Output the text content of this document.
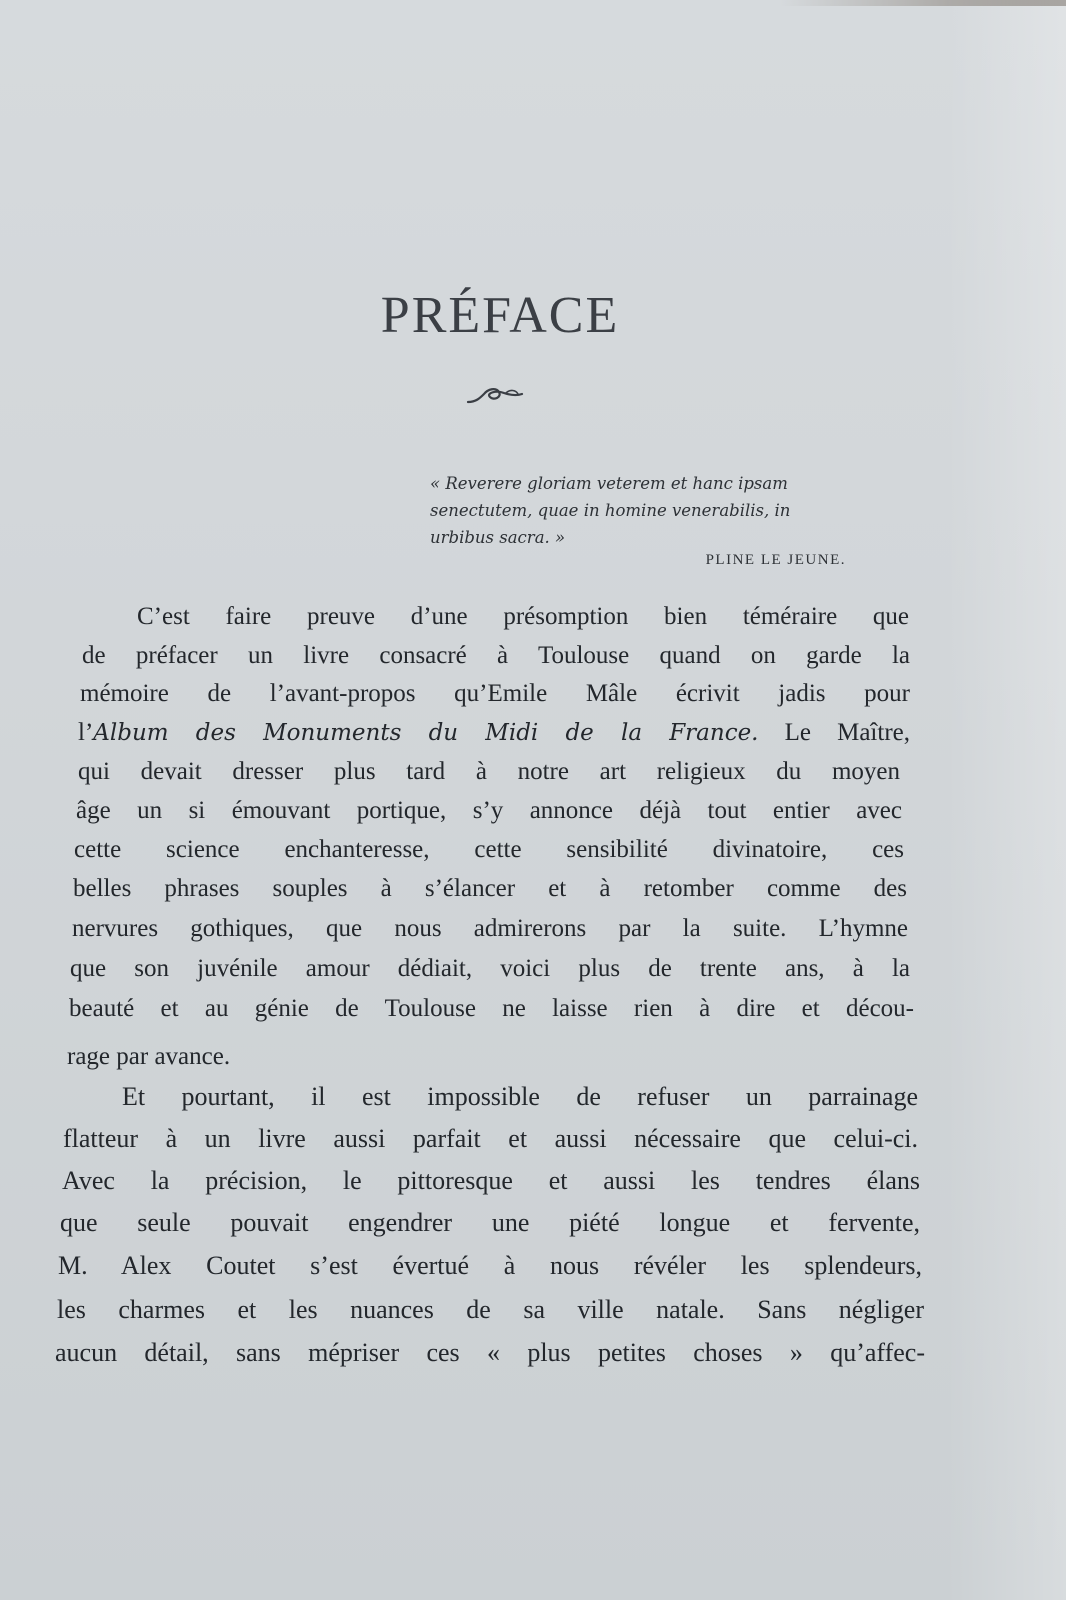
PRÉFACE
« Reverere gloriam veterem et hanc ipsam
senectutem, quae in homine venerabilis, in
urbibus sacra. »
PLINE LE JEUNE.
C’est faire preuve d’une présomption bien téméraire que
de préfacer un livre consacré à Toulouse quand on garde la
mémoire de l’avant-propos qu’Emile Mâle écrivit jadis pour
l’Album des Monuments du Midi de la France. Le Maître,
qui devait dresser plus tard à notre art religieux du moyen
âge un si émouvant portique, s’y annonce déjà tout entier avec
cette science enchanteresse, cette sensibilité divinatoire, ces
belles phrases souples à s’élancer et à retomber comme des
nervures gothiques, que nous admirerons par la suite. L’hymne
que son juvénile amour dédiait, voici plus de trente ans, à la
beauté et au génie de Toulouse ne laisse rien à dire et décou-
rage par avance.
Et pourtant, il est impossible de refuser un parrainage
flatteur à un livre aussi parfait et aussi nécessaire que celui-ci.
Avec la précision, le pittoresque et aussi les tendres élans
que seule pouvait engendrer une piété longue et fervente,
M. Alex Coutet s’est évertué à nous révéler les splendeurs,
les charmes et les nuances de sa ville natale. Sans négliger
aucun détail, sans mépriser ces « plus petites choses » qu’affec-
